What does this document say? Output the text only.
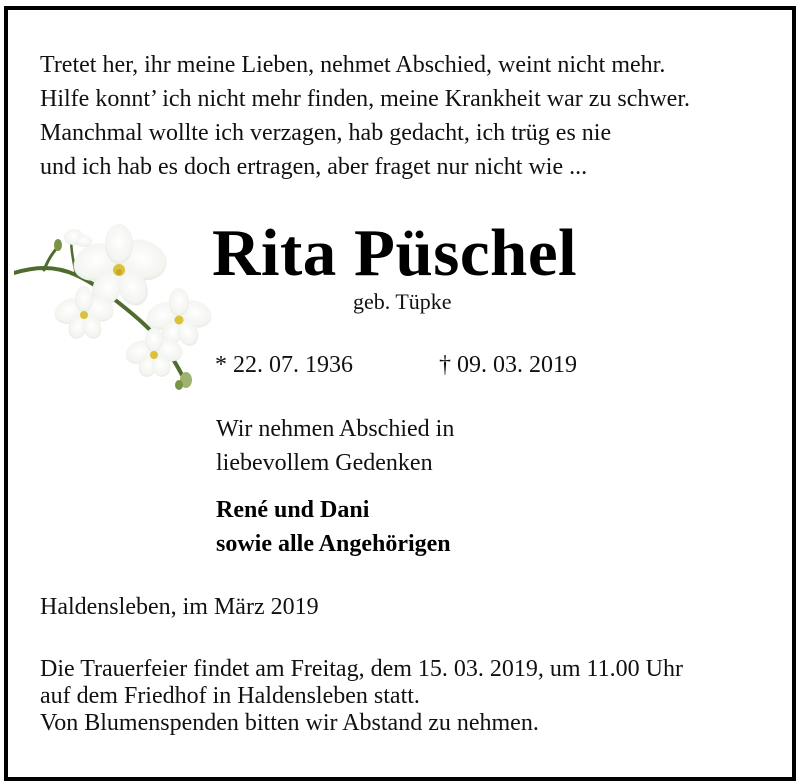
Tretet her, ihr meine Lieben, nehmet Abschied, weint nicht mehr.
Hilfe konnt’ ich nicht mehr finden, meine Krankheit war zu schwer.
Manchmal wollte ich verzagen, hab gedacht, ich trüg es nie
und ich hab es doch ertragen, aber fraget nur nicht wie ...
Rita Püschel
geb. Tüpke
* 22. 07. 1936	† 09. 03. 2019
Wir nehmen Abschied in
liebevollem Gedenken
René und Dani
sowie alle Angehörigen
Haldensleben, im März 2019
Die Trauerfeier findet am Freitag, dem 15. 03. 2019, um 11.00 Uhr
auf dem Friedhof in Haldensleben statt.
Von Blumenspenden bitten wir Abstand zu nehmen.
